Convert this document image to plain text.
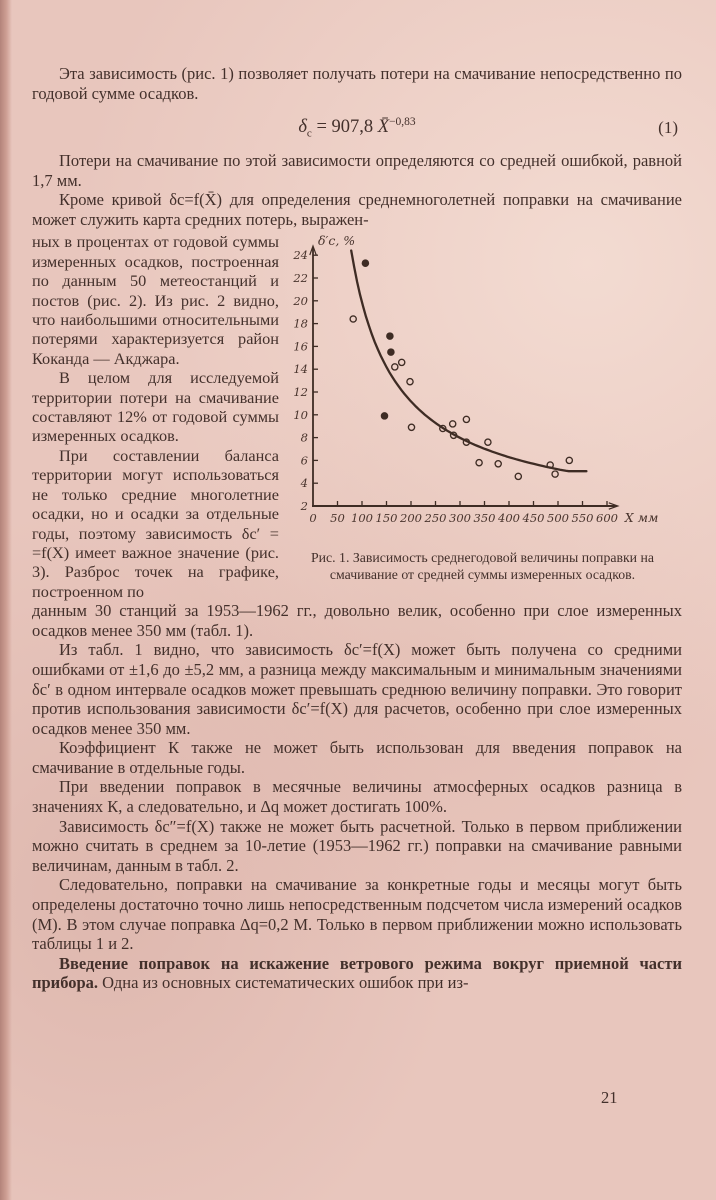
Эта зависимость (рис. 1) позволяет получать потери на смачивание непосредственно по годовой сумме осадков.

$\delta_с = 907,8$ X̄$^{-0,83}$	(1)

Потери на смачивание по этой зависимости определяются со средней ошибкой, равной 1,7 мм.

Кроме кривой δс=f(X̄) для определения среднемноголетней поправки на смачивание может служить карта средних потерь, выражен-

ных в процентах от годовой суммы измеренных осадков, построенная по данным 50 метеостанций и постов (рис. 2). Из рис. 2 видно, что наибольшими относительными потерями характеризуется район Коканда — Акджара.

В целом для исследуемой территории потери на смачивание составляют 12% от годовой суммы измеренных осадков.

При составлении баланса территории могут использоваться не только средние многолетние осадки, но и осадки за отдельные годы, поэтому зависимость δс′ = =f(X) имеет важное значение (рис. 3). Разброс точек на графике, построенном по

2
4
6
8
10
12
14
16
18
20
22
24
0 50 100 150 200 250 300 350 400 450 500 550 600 X мм
δ′с, %
Рис. 1. Зависимость среднегодовой величины поправки на смачивание от средней суммы измеренных осадков.

данным 30 станций за 1953—1962 гг., довольно велик, особенно при слое измеренных осадков менее 350 мм (табл. 1).

Из табл. 1 видно, что зависимость δс′=f(X) может быть получена со средними ошибками от ±1,6 до ±5,2 мм, а разница между максимальным и минимальным значениями δс′ в одном интервале осадков может превышать среднюю величину поправки. Это говорит против использования зависимости δс′=f(X) для расчетов, особенно при слое измеренных осадков менее 350 мм.

Коэффициент К также не может быть использован для введения поправок на смачивание в отдельные годы.

При введении поправок в месячные величины атмосферных осадков разница в значениях К, а следовательно, и Δq может достигать 100%.

Зависимость δс″=f(X) также не может быть расчетной. Только в первом приближении можно считать в среднем за 10-летие (1953—1962 гг.) поправки на смачивание равными величинам, данным в табл. 2.

Следовательно, поправки на смачивание за конкретные годы и месяцы могут быть определены достаточно точно лишь непосредственным подсчетом числа измерений осадков (М). В этом случае поправка Δq=0,2 М. Только в первом приближении можно использовать таблицы 1 и 2.

Введение поправок на искажение ветрового режима вокруг приемной части прибора. Одна из основных систематических ошибок при из-

21
